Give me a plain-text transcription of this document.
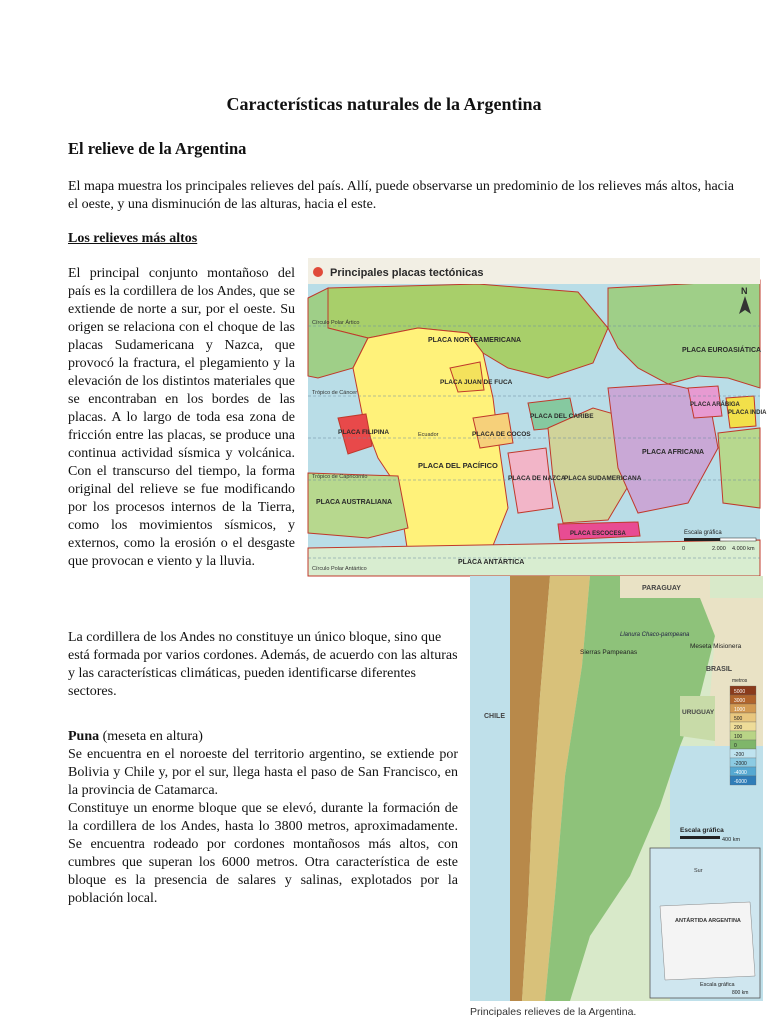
Características naturales de la Argentina
El relieve de la Argentina

El mapa muestra los principales relieves del país. Allí, puede observarse un predominio de los relieves más altos, hacia el oeste, y una disminución de las alturas, hacia el este.

Los relieves más altos

El principal conjunto montañoso del país es la cordillera de los Andes, que se extiende de norte a sur, por el oeste. Su origen se relaciona con el choque de las placas Sudamericana y Nazca, que provocó la fractura, el plegamiento y la elevación de los distintos materiales que se encontraban en los bordes de las placas. A lo largo de toda esa zona de fricción entre las placas, se produce una continua actividad sísmica y volcánica. Con el transcurso del tiempo, la forma original del relieve se fue modificando por los procesos internos de la Tierra, como los movimientos sísmicos, y externos, como la erosión o el desgaste que provocan e viento y la lluvia.

Principales placas tectónicas
N
PLACA NORTEAMERICANA
PLACA EUROASIÁTICA
PLACA JUAN DE FUCA
PLACA FILIPINA	PLACA DE COCOS
PLACA DEL CARIBE
PLACA DEL PACÍFICO
PLACA DE NAZCA
PLACA SUDAMERICANA
PLACA AFRICANA
PLACA ARÁBIGA
PLACA INDIA
PLACA AUSTRALIANA
PLACA ESCOCESA
PLACA ANTÁRTICA
Círculo Polar Ártico
Trópico de Cáncer
Ecuador
Trópico de Capricornio
Círculo Polar Antártico
Escala gráfica
0	2.000 4.000 km
PARAGUAY
BRASIL
URUGUAY
CHILE
Sierras Pampeanas
Meseta Misionera
Llanura Chaco-pampeana
metros
5000
3000
1000
500
200
100
0
-200
-2000
-4000
-6000
Escala gráfica
400 km
ANTÁRTIDA ARGENTINA
Sur
Escala gráfica
800 km
Principales relieves de la Argentina.

La cordillera de los Andes no constituye un único bloque, sino que está formada por varios cordones. Además, de acuerdo con las alturas y las características climáticas, pueden identificarse diferentes sectores.

Puna (meseta en altura)

Se encuentra en el noroeste del territorio argentino, se extiende por Bolivia y Chile y, por el sur, llega hasta el paso de San Francisco, en la provincia de Catamarca.

Constituye un enorme bloque que se elevó, durante la formación de la cordillera de los Andes, hasta lo 3800 metros, aproximadamente. Se encuentra rodeado por cordones montañosos más altos, con cumbres que superan los 6000 metros. Otra característica de este bloque es la presencia de salares y salinas, explotados por la población local.
